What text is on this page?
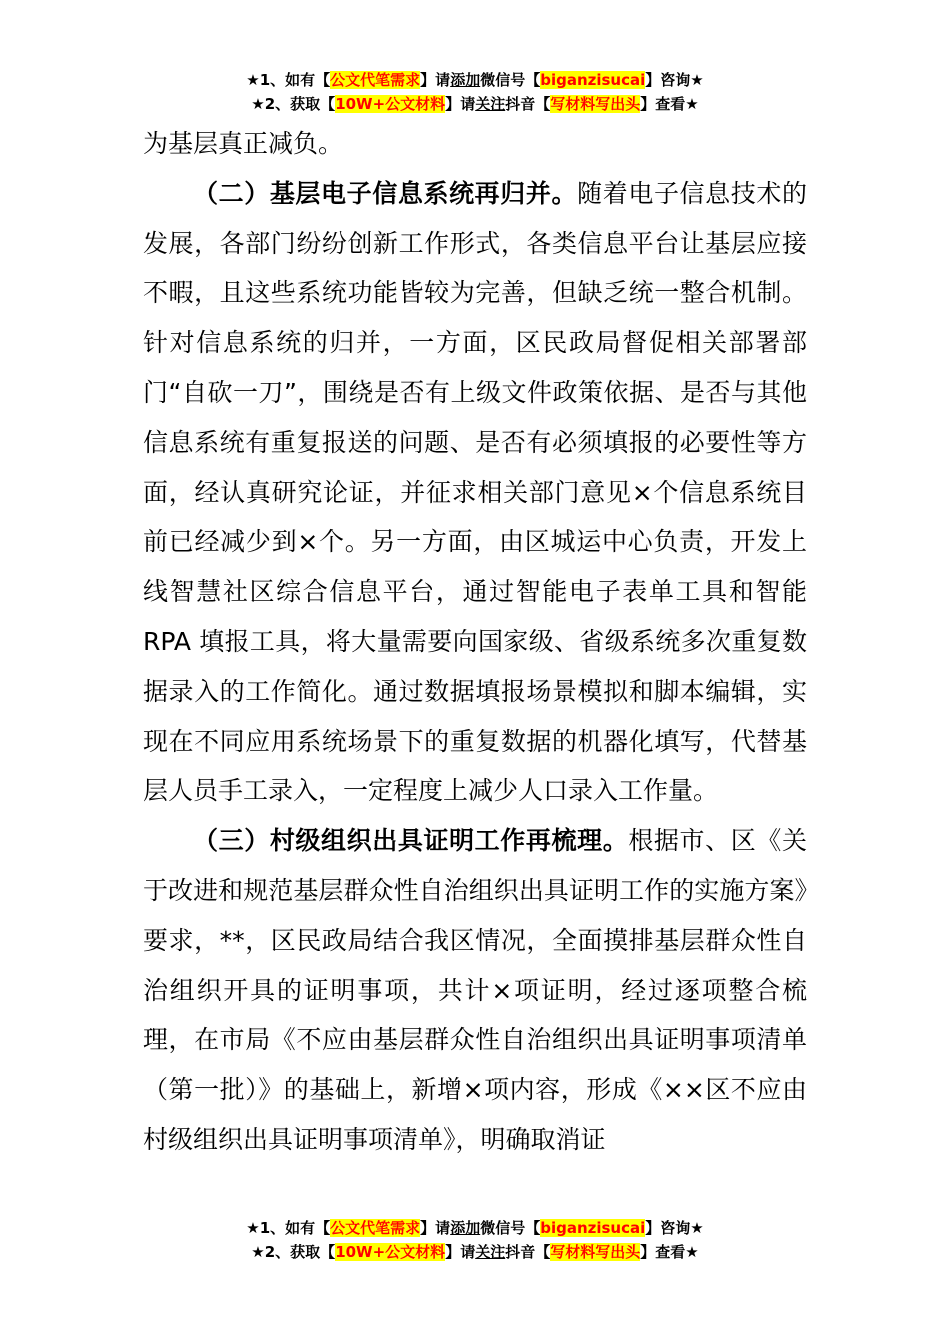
★1、如有【公文代笔需求】请添加微信号【biganzisucai】咨询★
★2、获取【10W+公文材料】请关注抖音【写材料写出头】查看★

为基层真正减负。

（二）基层电子信息系统再归并。随着电子信息技术的发展，各部门纷纷创新工作形式，各类信息平台让基层应接不暇，且这些系统功能皆较为完善，但缺乏统一整合机制。针对信息系统的归并，一方面，区民政局督促相关部署部门“自砍一刀”，围绕是否有上级文件政策依据、是否与其他信息系统有重复报送的问题、是否有必须填报的必要性等方面，经认真研究论证，并征求相关部门意见×个信息系统目前已经减少到×个。另一方面，由区城运中心负责，开发上线智慧社区综合信息平台，通过智能电子表单工具和智能 RPA 填报工具，将大量需要向国家级、省级系统多次重复数据录入的工作简化。通过数据填报场景模拟和脚本编辑，实现在不同应用系统场景下的重复数据的机器化填写，代替基层人员手工录入，一定程度上减少人口录入工作量。

（三）村级组织出具证明工作再梳理。根据市、区《关于改进和规范基层群众性自治组织出具证明工作的实施方案》要求，**，区民政局结合我区情况，全面摸排基层群众性自治组织开具的证明事项，共计×项证明，经过逐项整合梳理，在市局《不应由基层群众性自治组织出具证明事项清单（第一批）》的基础上，新增×项内容，形成《××区不应由村级组织出具证明事项清单》，明确取消证

★1、如有【公文代笔需求】请添加微信号【biganzisucai】咨询★
★2、获取【10W+公文材料】请关注抖音【写材料写出头】查看★
